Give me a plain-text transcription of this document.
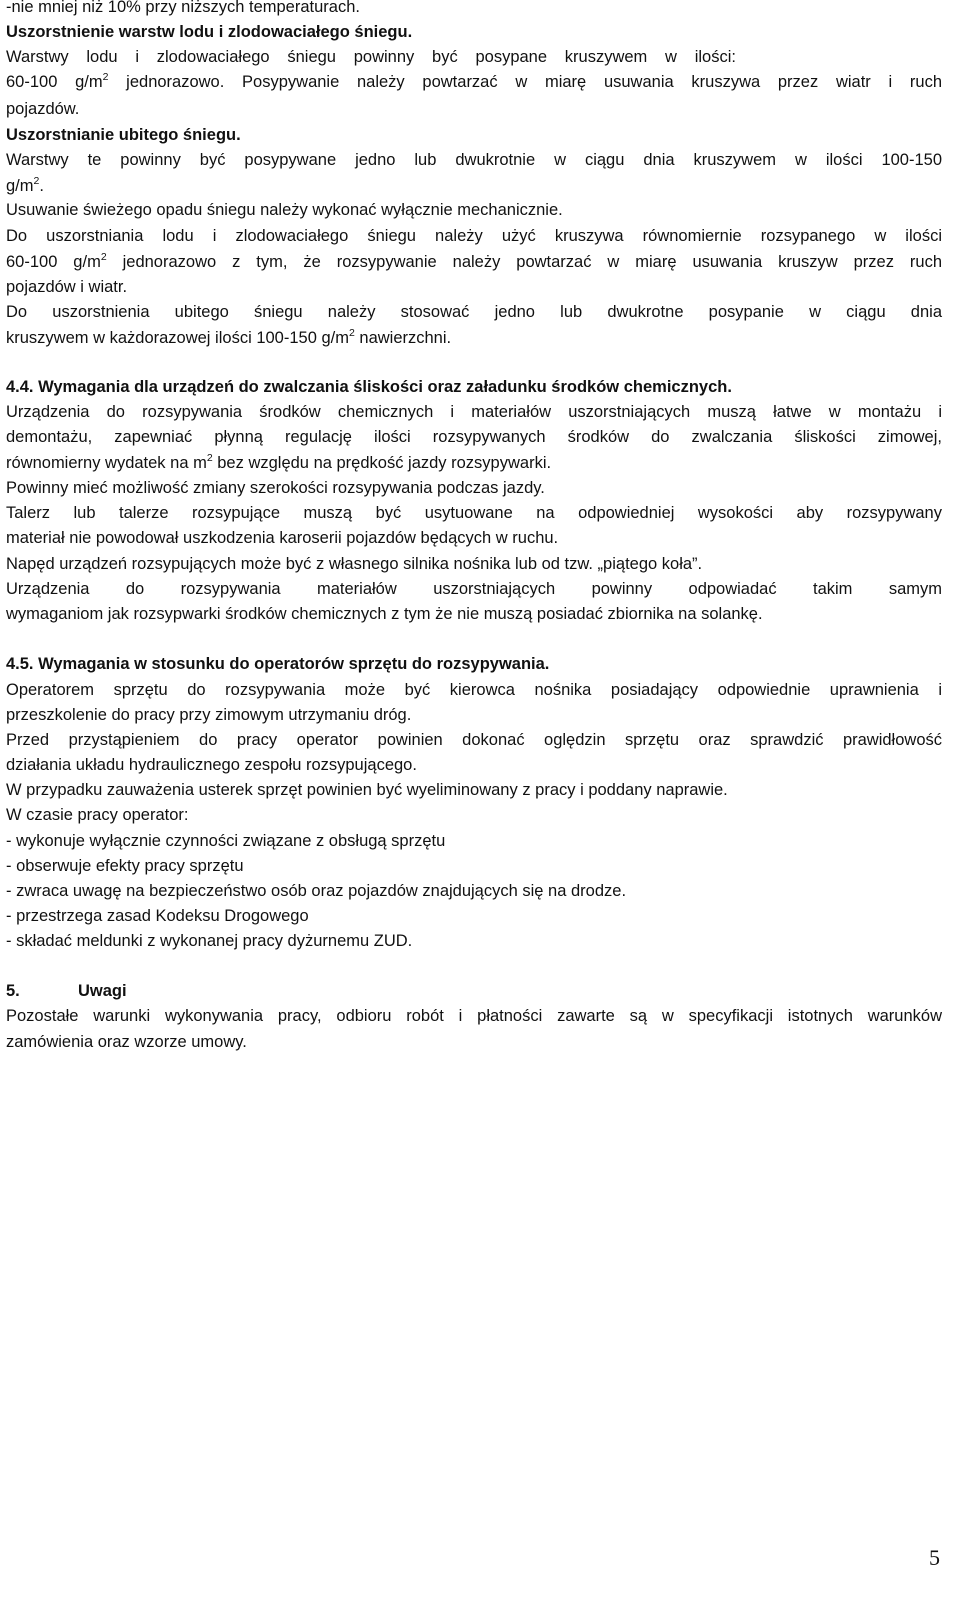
-nie mniej niż 10% przy niższych temperaturach.
Uszorstnienie warstw lodu i zlodowaciałego śniegu.
Warstwy lodu i zlodowaciałego śniegu powinny być posypane kruszywem w ilości:
60-100 $g/m^2$ jednorazowo. Posypywanie należy powtarzać w miarę usuwania kruszywa przez wiatr i ruch
pojazdów.
Uszorstnianie ubitego śniegu.
Warstwy te powinny być posypywane jedno lub dwukrotnie w ciągu dnia kruszywem w ilości 100-150
$g/m^2$.
Usuwanie świeżego opadu śniegu należy wykonać wyłącznie mechanicznie.
Do uszorstniania lodu i zlodowaciałego śniegu należy użyć kruszywa równomiernie rozsypanego w ilości
60-100 $g/m^2$ jednorazowo z tym, że rozsypywanie należy powtarzać w miarę usuwania kruszyw przez ruch
pojazdów i wiatr.
Do uszorstnienia ubitego śniegu należy stosować jedno lub dwukrotne posypanie w ciągu dnia
kruszywem w każdorazowej ilości 100-150 $g/m^2$ nawierzchni.
4.4. Wymagania dla urządzeń do zwalczania śliskości oraz załadunku środków chemicznych.
Urządzenia do rozsypywania środków chemicznych i materiałów uszorstniających muszą łatwe w montażu i
demontażu, zapewniać płynną regulację ilości rozsypywanych środków do zwalczania śliskości zimowej,
równomierny wydatek na $m^2$ bez względu na prędkość jazdy rozsypywarki.
Powinny mieć możliwość zmiany szerokości rozsypywania podczas jazdy.
Talerz lub talerze rozsypujące muszą być usytuowane na odpowiedniej wysokości aby rozsypywany
materiał nie powodował uszkodzenia karoserii pojazdów będących w ruchu.
Napęd urządzeń rozsypujących może być z własnego silnika nośnika lub od tzw. „piątego koła”.
Urządzenia do rozsypywania materiałów uszorstniających powinny odpowiadać takim samym
wymaganiom jak rozsypwarki środków chemicznych z tym że nie muszą posiadać zbiornika na solankę.
4.5. Wymagania w stosunku do operatorów sprzętu do rozsypywania.
Operatorem sprzętu do rozsypywania może być kierowca nośnika posiadający odpowiednie uprawnienia i
przeszkolenie do pracy przy zimowym utrzymaniu dróg.
Przed przystąpieniem do pracy operator powinien dokonać oględzin sprzętu oraz sprawdzić prawidłowość
działania układu hydraulicznego zespołu rozsypującego.
W przypadku zauważenia usterek sprzęt powinien być wyeliminowany z pracy i poddany naprawie.
W czasie pracy operator:
- wykonuje wyłącznie czynności związane z obsługą sprzętu
- obserwuje efekty pracy sprzętu
- zwraca uwagę na bezpieczeństwo osób oraz pojazdów znajdujących się na drodze.
- przestrzega zasad Kodeksu Drogowego
- składać meldunki z wykonanej pracy dyżurnemu ZUD.
5.	Uwagi
Pozostałe warunki wykonywania pracy, odbioru robót i płatności zawarte są w specyfikacji istotnych warunków
zamówienia oraz wzorze umowy.
5
